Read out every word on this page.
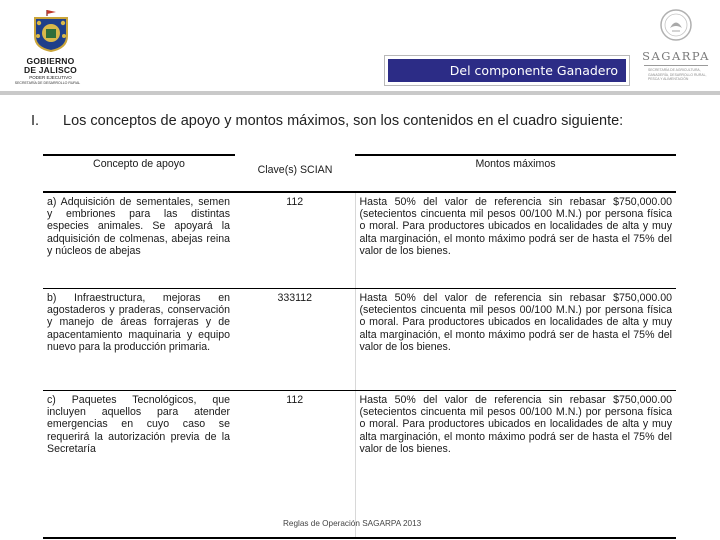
GOBIERNO
DE JALISCO
PODER EJECUTIVO
SECRETARÍA DE DESARROLLO RURAL
Del componente Ganadero
SAGARPA
SECRETARÍA DE AGRICULTURA,
GANADERÍA, DESARROLLO RURAL,
PESCA Y ALIMENTACIÓN
I. Los conceptos de apoyo y montos máximos, son los contenidos en el cuadro siguiente:
Concepto de apoyo	Clave(s) SCIAN	Montos máximos
a) Adquisición de sementales, semen y embriones para las distintas especies animales. Se apoyará la adquisición de colmenas, abejas reina y núcleos de abejas	112	Hasta 50% del valor de referencia sin rebasar $750,000.00 (setecientos cincuenta mil pesos 00/100 M.N.) por persona física o moral. Para productores ubicados en localidades de alta y muy alta marginación, el monto máximo podrá ser de hasta el 75% del valor de los bienes.
b) Infraestructura, mejoras en agostaderos y praderas, conservación y manejo de áreas forrajeras y de apacentamiento maquinaria y equipo nuevo para la producción primaria.	333112	Hasta 50% del valor de referencia sin rebasar $750,000.00 (setecientos cincuenta mil pesos 00/100 M.N.) por persona física o moral. Para productores ubicados en localidades de alta y muy alta marginación, el monto máximo podrá ser de hasta el 75% del valor de los bienes.
c) Paquetes Tecnológicos, que incluyen aquellos para atender emergencias en cuyo caso se requerirá la autorización previa de la Secretaría	112	Hasta 50% del valor de referencia sin rebasar $750,000.00 (setecientos cincuenta mil pesos 00/100 M.N.) por persona física o moral. Para productores ubicados en localidades de alta y muy alta marginación, el monto máximo podrá ser de hasta el 75% del valor de los bienes.
Reglas de Operación SAGARPA 2013
